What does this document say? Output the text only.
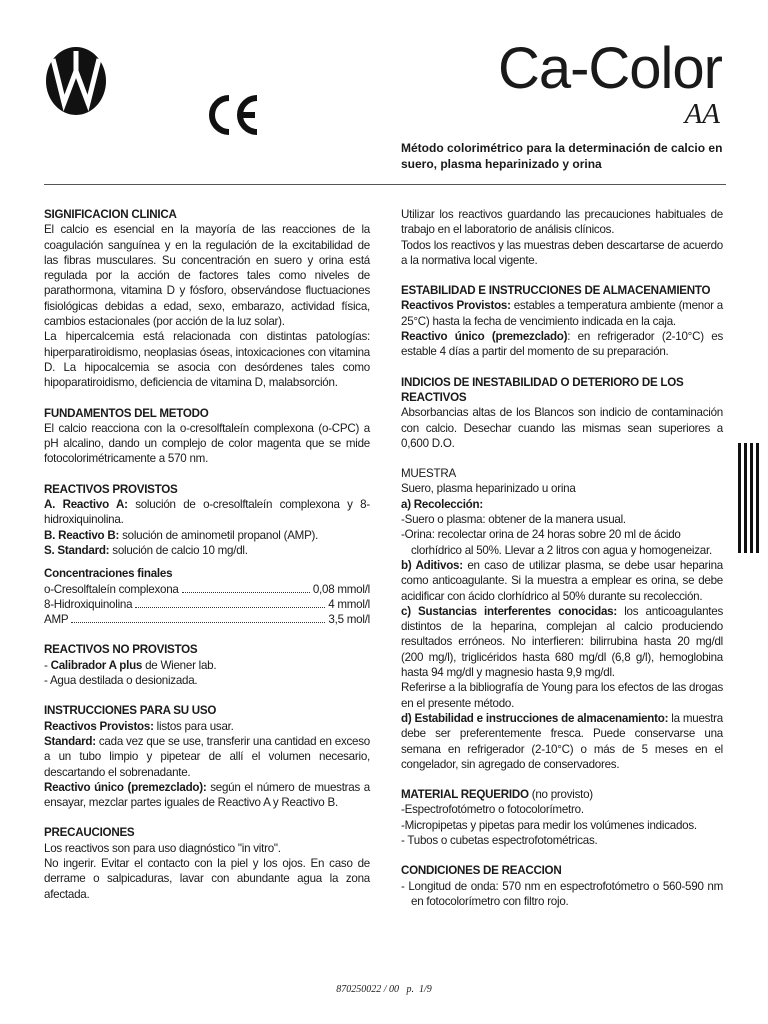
Ca-Color
AA

Método colorimétrico para la determinación de calcio en suero, plasma heparinizado y orina

SIGNIFICACION CLINICA

El calcio es esencial en la mayoría de las reacciones de la coagulación sanguínea y en la regulación de la excitabilidad de las fibras musculares. Su concentración en suero y orina está regulada por la acción de factores tales como niveles de parathormona, vitamina D y fósforo, observándose fluctuaciones fisiológicas debidas a edad, sexo, embarazo, actividad física, cambios estacionales (por acción de la luz solar).

La hipercalcemia está relacionada con distintas patologías: hiperparatiroidismo, neoplasias óseas, intoxicaciones con vitamina D. La hipocalcemia se asocia con desórdenes tales como hipoparatiroidismo, deficiencia de vitamina D, malabsorción.

FUNDAMENTOS DEL METODO

El calcio reacciona con la o-cresolftaleín complexona (o-CPC) a pH alcalino, dando un complejo de color magenta que se mide fotocolorimétricamente a 570 nm.

REACTIVOS PROVISTOS

A. Reactivo A: solución de o-cresolftaleín complexona y 8-hidroxiquinolina.

B. Reactivo B: solución de aminometil propanol (AMP).

S. Standard: solución de calcio 10 mg/dl.

Concentraciones finales
o-Cresolftaleín complexona	0,08 mmol/l
8-Hidroxiquinolina	4 mmol/l
AMP	3,5 mol/l
REACTIVOS NO PROVISTOS
- Calibrador A plus de Wiener lab.
- Agua destilada o desionizada.
INSTRUCCIONES PARA SU USO

Reactivos Provistos: listos para usar.

Standard: cada vez que se use, transferir una cantidad en exceso a un tubo limpio y pipetear de allí el volumen necesario, descartando el sobrenadante.

Reactivo único (premezclado): según el número de muestras a ensayar, mezclar partes iguales de Reactivo A y Reactivo B.

PRECAUCIONES

Los reactivos son para uso diagnóstico "in vitro".

No ingerir. Evitar el contacto con la piel y los ojos. En caso de derrame o salpicaduras, lavar con abundante agua la zona afectada.

Utilizar los reactivos guardando las precauciones habituales de trabajo en el laboratorio de análisis clínicos.

Todos los reactivos y las muestras deben descartarse de acuerdo a la normativa local vigente.

ESTABILIDAD E INSTRUCCIONES DE ALMACENAMIENTO

Reactivos Provistos: estables a temperatura ambiente (menor a 25°C) hasta la fecha de vencimiento indicada en la caja.

Reactivo único (premezclado): en refrigerador (2-10°C) es estable 4 días a partir del momento de su preparación.

INDICIOS DE INESTABILIDAD O DETERIORO DE LOS REACTIVOS

Absorbancias altas de los Blancos son indicio de contaminación con calcio. Desechar cuando las mismas sean superiores a 0,600 D.O.

MUESTRA

Suero, plasma heparinizado u orina

a) Recolección:

-Suero o plasma: obtener de la manera usual.
-Orina: recolectar orina de 24 horas sobre 20 ml de ácido clorhídrico al 50%. Llevar a 2 litros con agua y homogeneizar.

b) Aditivos: en caso de utilizar plasma, se debe usar heparina como anticoagulante. Si la muestra a emplear es orina, se debe acidificar con ácido clorhídrico al 50% durante su recolección.

c) Sustancias interferentes conocidas: los anticoagulantes distintos de la heparina, complejan al calcio produciendo resultados erróneos. No interfieren: bilirrubina hasta 20 mg/dl (200 mg/l), triglicéridos hasta 680 mg/dl (6,8 g/l), hemoglobina hasta 94 mg/dl y magnesio hasta 9,9 mg/dl.

Referirse a la bibliografía de Young para los efectos de las drogas en el presente método.

d) Estabilidad e instrucciones de almacenamiento: la muestra debe ser preferentemente fresca. Puede conservarse una semana en refrigerador (2-10°C) o más de 5 meses en el congelador, sin agregado de conservadores.

MATERIAL REQUERIDO (no provisto)
-Espectrofotómetro o fotocolorímetro.
-Micropipetas y pipetas para medir los volúmenes indicados.
- Tubos o cubetas espectrofotométricas.
CONDICIONES DE REACCION
- Longitud de onda: 570 nm en espectrofotómetro o 560-590 nm en fotocolorímetro con filtro rojo.
870250022 / 00   p.  1/9
